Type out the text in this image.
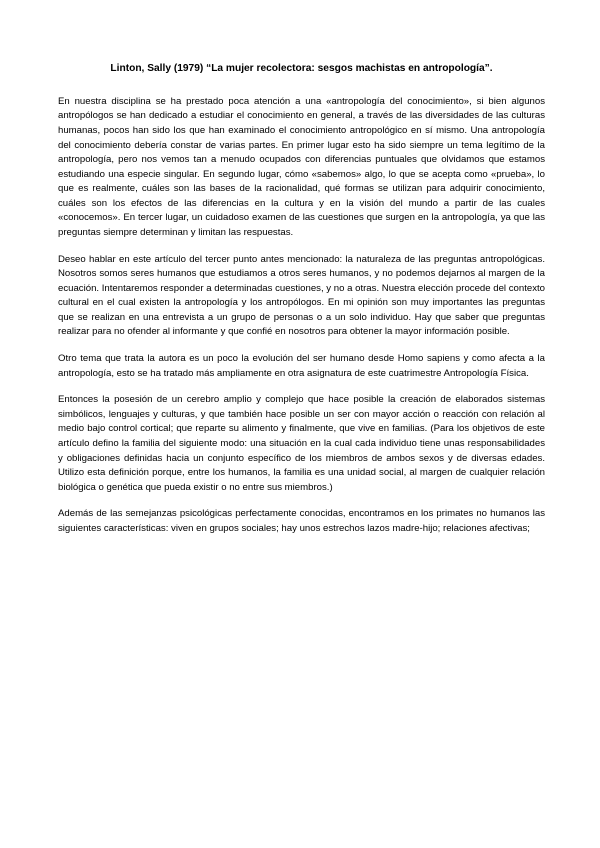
Linton, Sally (1979) “La mujer recolectora: sesgos machistas en antropología”.

En nuestra disciplina se ha prestado poca atención a una «antropología del conocimiento», si bien algunos antropólogos se han dedicado a estudiar el conocimiento en general, a través de las diversidades de las culturas humanas, pocos han sido los que han examinado el conocimiento antropológico en sí mismo. Una antropología del conocimiento debería constar de varias partes. En primer lugar esto ha sido siempre un tema legítimo de la antropología, pero nos vemos tan a menudo ocupados con diferencias puntuales que olvidamos que estamos estudiando una especie singular. En segundo lugar, cómo «sabemos» algo, lo que se acepta como «prueba», lo que es realmente, cuáles son las bases de la racionalidad, qué formas se utilizan para adquirir conocimiento, cuáles son los efectos de las diferencias en la cultura y en la visión del mundo a partir de las cuales «conocemos». En tercer lugar, un cuidadoso examen de las cuestiones que surgen en la antropología, ya que las preguntas siempre determinan y limitan las respuestas.

Deseo hablar en este artículo del tercer punto antes mencionado: la naturaleza de las preguntas antropológicas. Nosotros somos seres humanos que estudiamos a otros seres humanos, y no podemos dejarnos al margen de la ecuación. Intentaremos responder a determinadas cuestiones, y no a otras. Nuestra elección procede del contexto cultural en el cual existen la antropología y los antropólogos. En mi opinión son muy importantes las preguntas que se realizan en una entrevista a un grupo de personas o a un solo individuo. Hay que saber que preguntas realizar para no ofender al informante y que confié en nosotros para obtener la mayor información posible.

Otro tema que trata la autora es un poco la evolución del ser humano desde Homo sapiens y como afecta a la antropología, esto se ha tratado más ampliamente en otra asignatura de este cuatrimestre Antropología Física.

Entonces la posesión de un cerebro amplio y complejo que hace posible la creación de elaborados sistemas simbólicos, lenguajes y culturas, y que también hace posible un ser con mayor acción o reacción con relación al medio bajo control cortical; que reparte su alimento y finalmente, que vive en familias. (Para los objetivos de este artículo defino la familia del siguiente modo: una situación en la cual cada individuo tiene unas responsabilidades y obligaciones definidas hacia un conjunto específico de los miembros de ambos sexos y de diversas edades. Utilizo esta definición porque, entre los humanos, la familia es una unidad social, al margen de cualquier relación biológica o genética que pueda existir o no entre sus miembros.)

Además de las semejanzas psicológicas perfectamente conocidas, encontramos en los primates no humanos las siguientes características: viven en grupos sociales; hay unos estrechos lazos madre-hijo; relaciones afectivas;
